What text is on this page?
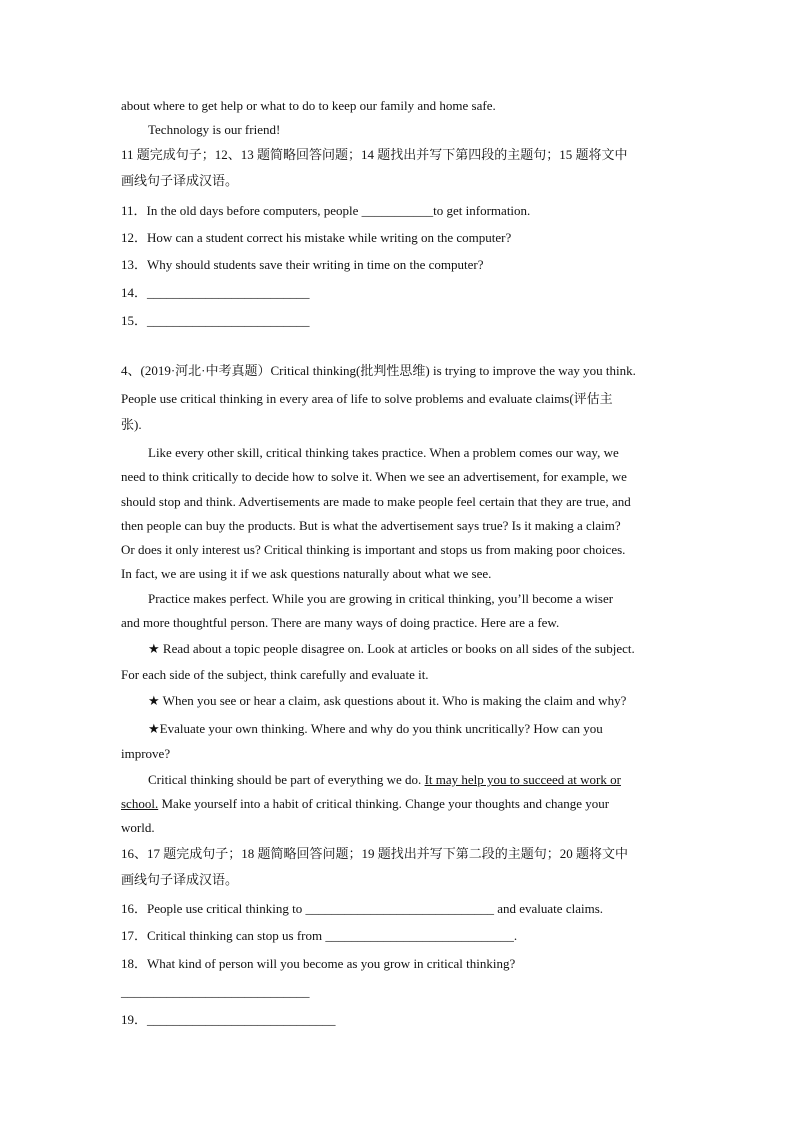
about where to get help or what to do to keep our family and home safe.
Technology is our friend!
11 题完成句子；12、13 题简略回答问题；14 题找出并写下第四段的主题句；15 题将文中
画线句子译成汉语。
11．In the old days before computers, people ___________to get information.
12．How can a student correct his mistake while writing on the computer?
13．Why should students save their writing in time on the computer?
14．_________________________
15．_________________________
4、(2019·河北·中考真题）Critical thinking(批判性思维) is trying to improve the way you think.
People use critical thinking in every area of life to solve problems and evaluate claims(评估主
张).
Like every other skill, critical thinking takes practice. When a problem comes our way, we
need to think critically to decide how to solve it. When we see an advertisement, for example, we
should stop and think. Advertisements are made to make people feel certain that they are true, and
then people can buy the products. But is what the advertisement says true? Is it making a claim?
Or does it only interest us? Critical thinking is important and stops us from making poor choices.
In fact, we are using it if we ask questions naturally about what we see.
Practice makes perfect. While you are growing in critical thinking, you’ll become a wiser
and more thoughtful person. There are many ways of doing practice. Here are a few.
★ Read about a topic people disagree on. Look at articles or books on all sides of the subject.
For each side of the subject, think carefully and evaluate it.
★ When you see or hear a claim, ask questions about it. Who is making the claim and why?
★Evaluate your own thinking. Where and why do you think uncritically? How can you
improve?
Critical thinking should be part of everything we do. It may help you to succeed at work or
school. Make yourself into a habit of critical thinking. Change your thoughts and change your
world.
16、17 题完成句子；18 题简略回答问题；19 题找出并写下第二段的主题句；20 题将文中
画线句子译成汉语。
16．People use critical thinking to _____________________________ and evaluate claims.
17．Critical thinking can stop us from _____________________________.
18．What kind of person will you become as you grow in critical thinking?
_____________________________
19．_____________________________
